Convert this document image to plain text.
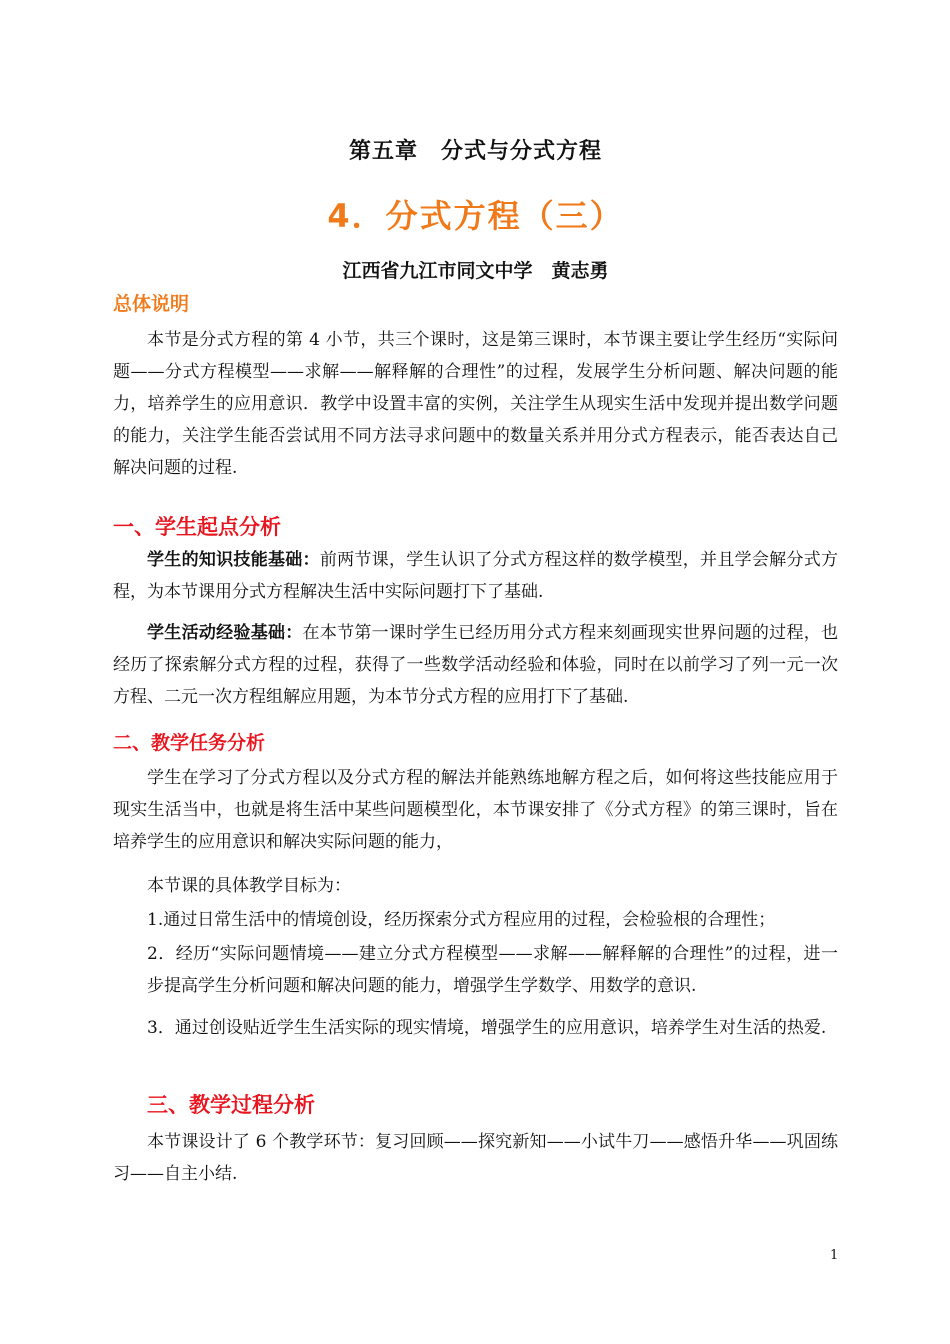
第五章　分式与分式方程
4．分式方程（三）
江西省九江市同文中学　黄志勇
总体说明
本节是分式方程的第 4 小节，共三个课时，这是第三课时，本节课主要让学生经历“实际问题——分式方程模型——求解——解释解的合理性”的过程，发展学生分析问题、解决问题的能力，培养学生的应用意识．教学中设置丰富的实例，关注学生从现实生活中发现并提出数学问题的能力，关注学生能否尝试用不同方法寻求问题中的数量关系并用分式方程表示，能否表达自己解决问题的过程.
一、学生起点分析
学生的知识技能基础：前两节课，学生认识了分式方程这样的数学模型，并且学会解分式方程，为本节课用分式方程解决生活中实际问题打下了基础.
学生活动经验基础：在本节第一课时学生已经历用分式方程来刻画现实世界问题的过程，也经历了探索解分式方程的过程，获得了一些数学活动经验和体验，同时在以前学习了列一元一次方程、二元一次方程组解应用题，为本节分式方程的应用打下了基础.
二、教学任务分析
学生在学习了分式方程以及分式方程的解法并能熟练地解方程之后，如何将这些技能应用于现实生活当中，也就是将生活中某些问题模型化，本节课安排了《分式方程》的第三课时，旨在培养学生的应用意识和解决实际问题的能力，
本节课的具体教学目标为：
1.通过日常生活中的情境创设，经历探索分式方程应用的过程，会检验根的合理性；
2．经历“实际问题情境——建立分式方程模型——求解——解释解的合理性”的过程，进一步提高学生分析问题和解决问题的能力，增强学生学数学、用数学的意识.
3．通过创设贴近学生生活实际的现实情境，增强学生的应用意识，培养学生对生活的热爱.
三、教学过程分析
本节课设计了 6 个教学环节：复习回顾——探究新知——小试牛刀——感悟升华——巩固练习——自主小结.
1
